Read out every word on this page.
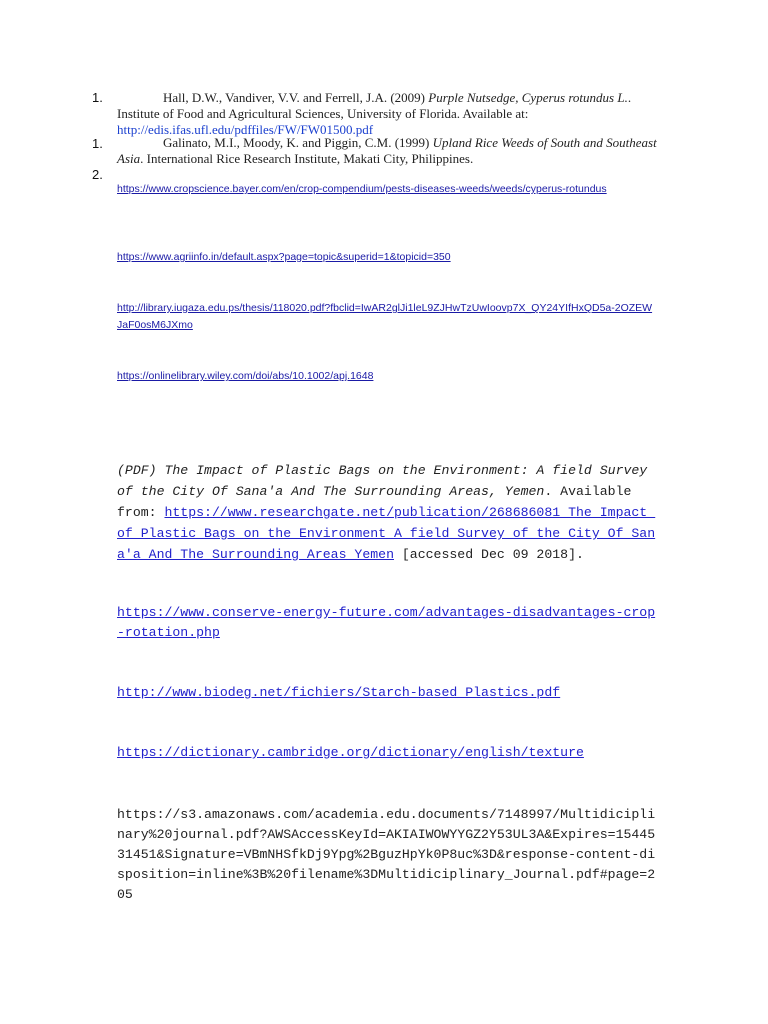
1.	Hall, D.W., Vandiver, V.V. and Ferrell, J.A. (2009) Purple Nutsedge, Cyperus rotundus L.. Institute of Food and Agricultural Sciences, University of Florida. Available at: http://edis.ifas.ufl.edu/pdffiles/FW/FW01500.pdf
1.	Galinato, M.I., Moody, K. and Piggin, C.M. (1999) Upland Rice Weeds of South and Southeast Asia. International Rice Research Institute, Makati City, Philippines.
2.
https://www.cropscience.bayer.com/en/crop-compendium/pests-diseases-weeds/weeds/cyperus-rotundus
https://www.agriinfo.in/default.aspx?page=topic&superid=1&topicid=350
http://library.iugaza.edu.ps/thesis/118020.pdf?fbclid=IwAR2glJi1leL9ZJHwTzUwIoovp7X_QY24YIfHxQD5a-2OZEWJaF0osM6JXmo
https://onlinelibrary.wiley.com/doi/abs/10.1002/apj.1648
(PDF) The Impact of Plastic Bags on the Environment: A field Survey of the City Of Sana'a And The Surrounding Areas, Yemen. Available from: https://www.researchgate.net/publication/268686081_The_Impact_of_Plastic_Bags_on_the_Environment_A_field_Survey_of_the_City_Of_Sana'a_And_The_Surrounding_Areas_Yemen [accessed Dec 09 2018].
https://www.conserve-energy-future.com/advantages-disadvantages-crop-rotation.php
http://www.biodeg.net/fichiers/Starch-based_Plastics.pdf
https://dictionary.cambridge.org/dictionary/english/texture
https://s3.amazonaws.com/academia.edu.documents/7148997/Multidiciplinary%20journal.pdf?AWSAccessKeyId=AKIAIWOWYYGZ2Y53UL3A&Expires=1544531451&Signature=VBmNHSfkDj9Ypg%2BguzHpYk0P8uc%3D&response-content-disposition=inline%3B%20filename%3DMultidiciplinary_Journal.pdf#page=205
